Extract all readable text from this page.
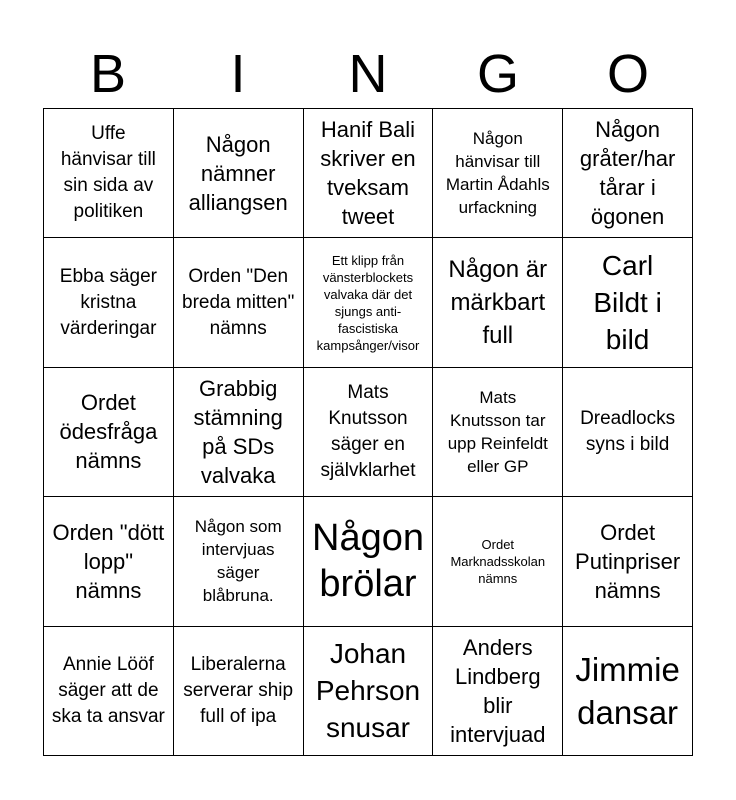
B	I	N	G	O
Uffe hänvisar till sin sida av politiken
Någon nämner alliangsen
Hanif Bali skriver en tveksam tweet
Någon hänvisar till Martin Ådahls urfackning
Någon gråter/har tårar i ögonen
Ebba säger kristna värderingar
Orden "Den breda mitten" nämns
Ett klipp från vänsterblockets valvaka där det sjungs anti-fascistiska kampsånger/visor
Någon är märkbart full
Carl Bildt i bild
Ordet ödesfråga nämns
Grabbig stämning på SDs valvaka
Mats Knutsson säger en självklarhet
Mats Knutsson tar upp Reinfeldt eller GP
Dreadlocks syns i bild
Orden "dött lopp" nämns
Någon som intervjuas säger blåbruna.
Någon brölar
Ordet Marknadsskolan nämns
Ordet Putinpriser nämns
Annie Lööf säger att de ska ta ansvar
Liberalerna serverar ship full of ipa
Johan Pehrson snusar
Anders Lindberg blir intervjuad
Jimmie dansar
